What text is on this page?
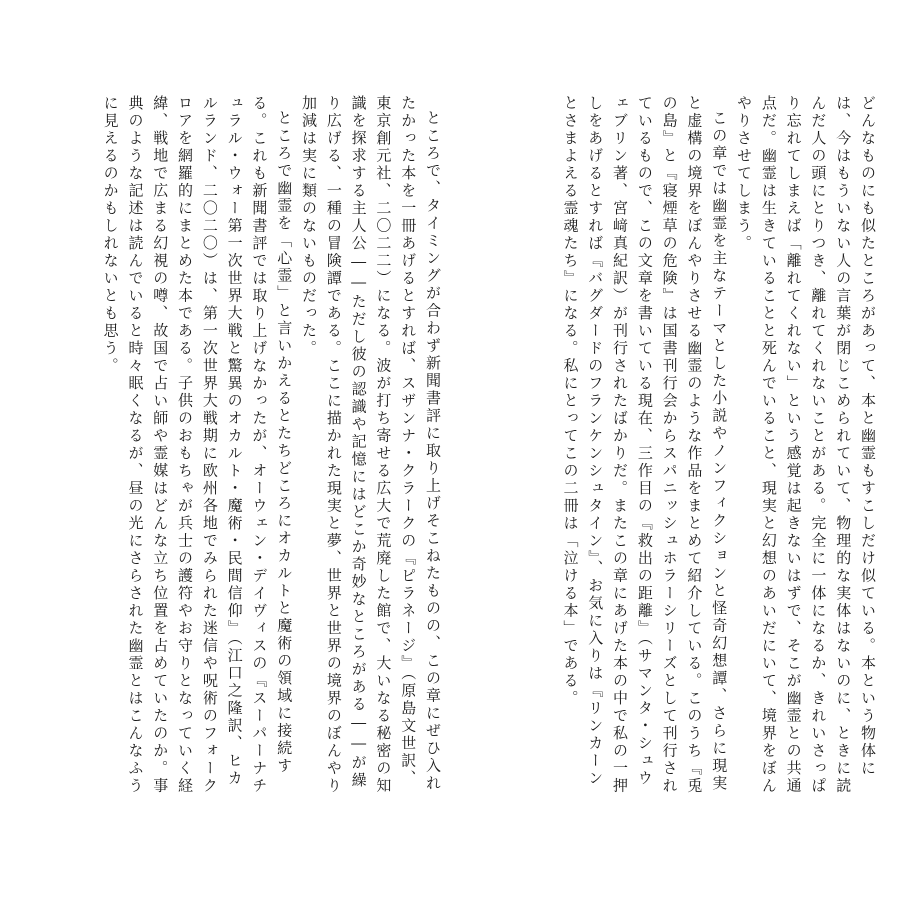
どんなものにも似たところがあって、本と幽霊もすこしだけ似ている。本という物体には、今はもういない人の言葉が閉じこめられていて、物理的な実体はないのに、ときに読んだ人の頭にとりつき、離れてくれないことがある。完全に一体になるか、きれいさっぱり忘れてしまえば「離れてくれない」という感覚は起きないはずで、そこが幽霊との共通点だ。幽霊は生きていることと死んでいること、現実と幻想のあいだにいて、境界をぼんやりさせてしまう。

この章では幽霊を主なテーマとした小説やノンフィクションと怪奇幻想譚、さらに現実と虚構の境界をぼんやりさせる幽霊のような作品をまとめて紹介している。このうち『兎の島』と『寝煙草の危険』は国書刊行会からスパニッシュホラーシリーズとして刊行されているもので、この文章を書いている現在、三作目の『救出の距離』（サマンタ・シュウェブリン著、宮﨑真紀訳）が刊行されたばかりだ。またこの章にあげた本の中で私の一押しをあげるとすれば『バグダードのフランケンシュタイン』、お気に入りは『リンカーンとさまよえる霊魂たち』になる。私にとってこの二冊は「泣ける本」である。

ところで、タイミングが合わず新聞書評に取り上げそこねたものの、この章にぜひ入れたかった本を一冊あげるとすれば、スザンナ・クラークの『ピラネージ』（原島文世訳、東京創元社、二〇二二）になる。波が打ち寄せる広大で荒廃した館で、大いなる秘密の知識を探求する主人公――ただし彼の認識や記憶にはどこか奇妙なところがある――が繰り広げる、一種の冒険譚である。ここに描かれた現実と夢、世界と世界の境界のぼんやり加減は実に類のないものだった。

ところで幽霊を「心霊」と言いかえるとたちどころにオカルトと魔術の領域に接続する。これも新聞書評では取り上げなかったが、オーウェン・デイヴィスの『スーパーナチュラル・ウォー第一次世界大戦と驚異のオカルト・魔術・民間信仰』（江口之隆訳、ヒカルランド、二〇二〇）は、第一次世界大戦期に欧州各地でみられた迷信や呪術のフォークロアを網羅的にまとめた本である。子供のおもちゃが兵士の護符やお守りとなっていく経緯、戦地で広まる幻視の噂、故国で占い師や霊媒はどんな立ち位置を占めていたのか。事典のような記述は読んでいると時々眠くなるが、昼の光にさらされた幽霊とはこんなふうに見えるのかもしれないとも思う。
